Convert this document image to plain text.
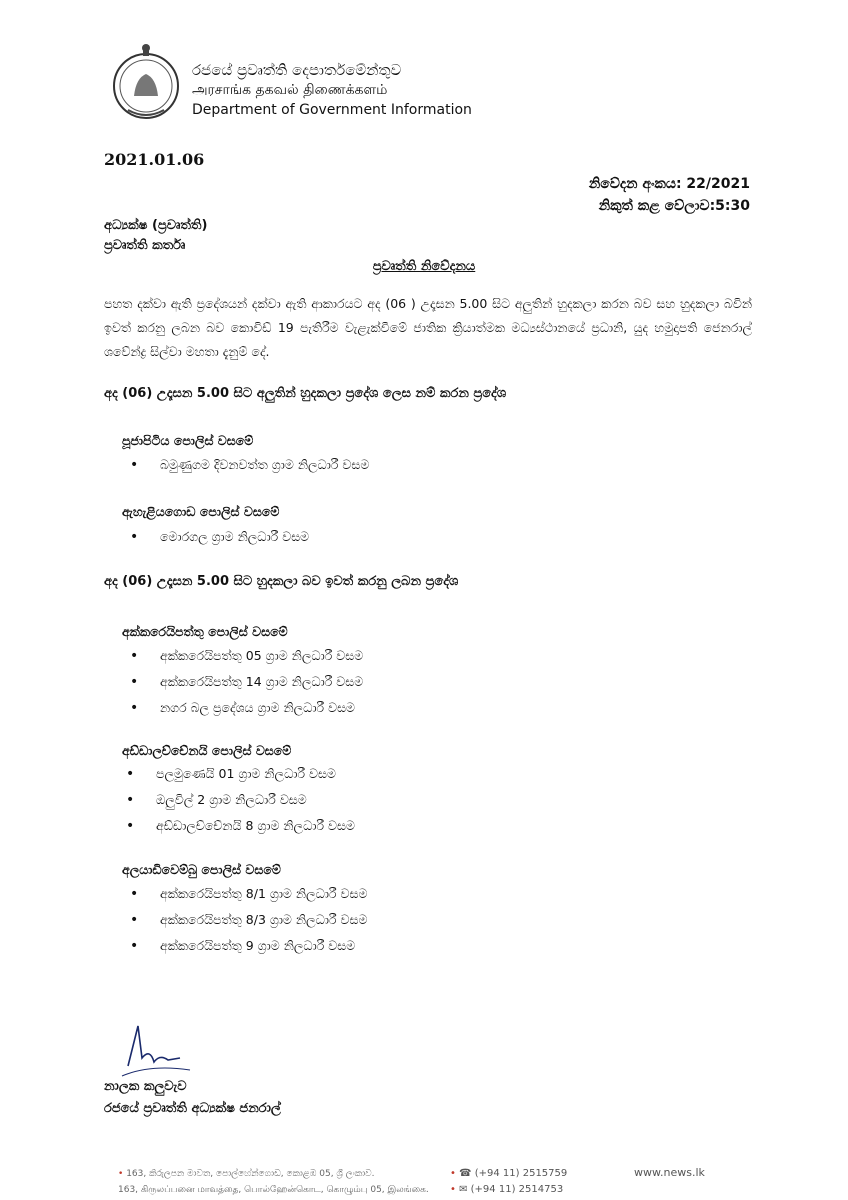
රජයේ ප්‍රවෘත්ති දෙපාර්තමේන්තුව
அரசாங்க தகவல் திணைக்களம்
Department of Government Information
2021.01.06
නිවේදන අංකය: 22/2021
නිකුත් කළ වේලාව:5:30
අධ්‍යක්ෂ (ප්‍රවෘත්ති)
ප්‍රවෘත්ති කර්තෘ
ප්‍රවෘත්ති නිවේදනය
පහත දක්වා ඇති ප්‍රදේශයන් දක්වා ඇති ආකාරයට අද (06 ) උදෑසන 5.00 සිට අලුතින් හුදකලා කරන බව සහ හුදකලා බවින් ඉවත් කරනු ලබන බව කොවිඩ් 19 පැතිරීම වැළැක්වීමේ ජාතික ක්‍රියාත්මක මධ්‍යස්ථානයේ ප්‍රධානි, යුද හමුදාපති ජෙනරාල් ශවේන්ද්‍ර සිල්වා මහතා දැනුම් දේ.
අද (06) උදෑසන 5.00 සිට අලුතින් හුදකලා ප්‍රදේශ ලෙස නම් කරන ප්‍රදේශ
පූජාපිටිය පොලිස් වසමේ
• බමුණුගම දිවනවත්ත ග්‍රාම නිලධාරී වසම
ඇහැළියගොඩ පොලිස් වසමේ
• මොරගල ග්‍රාම නිලධාරී වසම
අද (06) උදෑසන 5.00 සිට හුදකලා බව ඉවත් කරනු ලබන ප්‍රදේශ
අක්කරෙයිපත්තු පොලිස් වසමේ
• අක්කරෙයිපත්තු 05 ග්‍රාම නිලධාරී වසම
• අක්කරෙයිපත්තු 14 ග්‍රාම නිලධාරී වසම
• නගර බල ප්‍රදේශය ග්‍රාම නිලධාරී වසම
අඩ්ඩාලච්චේනයි පොලිස් වසමේ
• පලමුණෙයි 01 ග්‍රාම නිලධාරී වසම
• ඔලුවිල් 2 ග්‍රාම නිලධාරී වසම
• අඩ්ඩාලච්චේනයි 8 ග්‍රාම නිලධාරී වසම
අලයාඩිවෙම්බු පොලිස් වසමේ
• අක්කරෙයිපත්තු 8/1 ග්‍රාම නිලධාරී වසම
• අක්කරෙයිපත්තු 8/3 ග්‍රාම නිලධාරී වසම
• අක්කරෙයිපත්තු 9 ග්‍රාම නිලධාරී වසම
නාලක කලුවැව
රජයේ ප්‍රවෘත්ති අධ්‍යක්ෂ ජනරාල්
• 163, කිරුලපන මාවත, පොල්හේන්ගොඩ, කොළඹ 05, ශ්‍රී ලංකාව.
163, கிருலப்பனை மாவத்தை, பொல்ஹேன்கொட, கொழும்பு 05, இலங்கை.
• ☎ (+94 11) 2515759
• ✉ (+94 11) 2514753
www.news.lk
